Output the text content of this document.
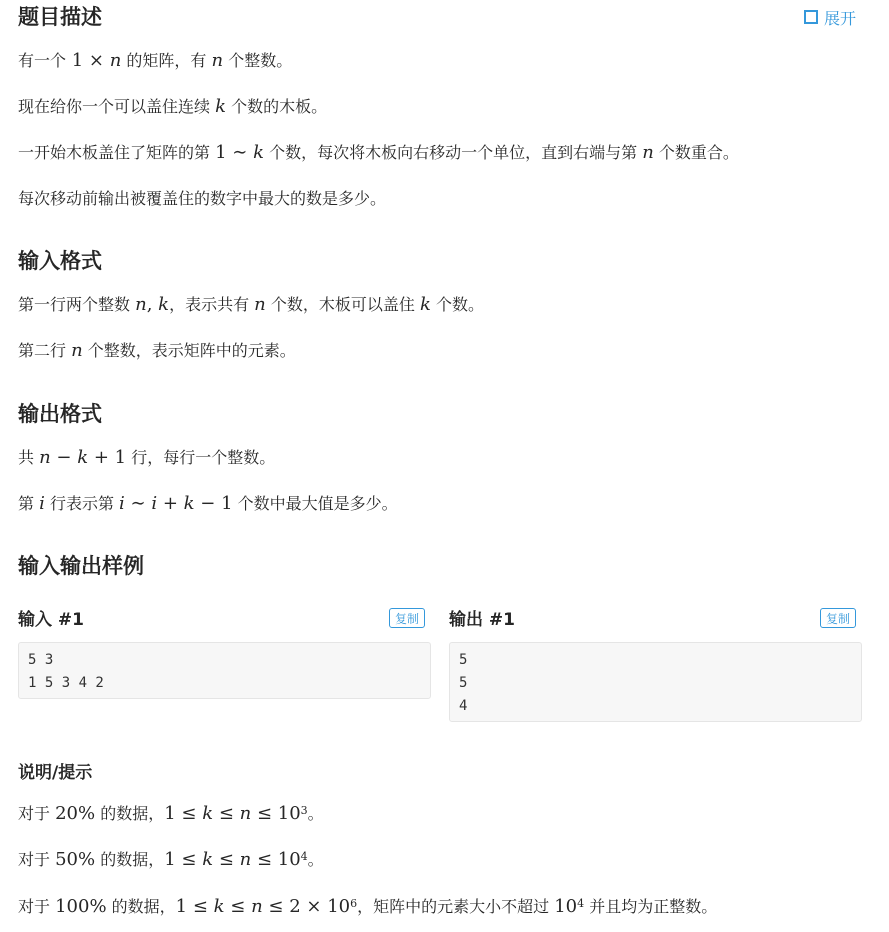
题目描述	展开

有一个 1 × n 的矩阵，有 n 个整数。

现在给你一个可以盖住连续 k 个数的木板。

一开始木板盖住了矩阵的第 1 ∼ k 个数，每次将木板向右移动一个单位，直到右端与第 n 个数重合。

每次移动前输出被覆盖住的数字中最大的数是多少。

输入格式

第一行两个整数 n, k，表示共有 n 个数，木板可以盖住 k 个数。

第二行 n 个整数，表示矩阵中的元素。

输出格式

共 n − k + 1 行，每行一个整数。

第 i 行表示第 i ∼ i + k − 1 个数中最大值是多少。

输入输出样例
输入 #1	复制
5 3
1 5 3 4 2
输出 #1	复制
5
5
4
说明/提示

对于 20% 的数据，$1 \le k \le n \le 10^3$。

对于 50% 的数据，$1 \le k \le n \le 10^4$。

对于 100% 的数据，$1 \le k \le n \le 2 \times 10^6$，矩阵中的元素大小不超过 $10^4$ 并且均为正整数。
